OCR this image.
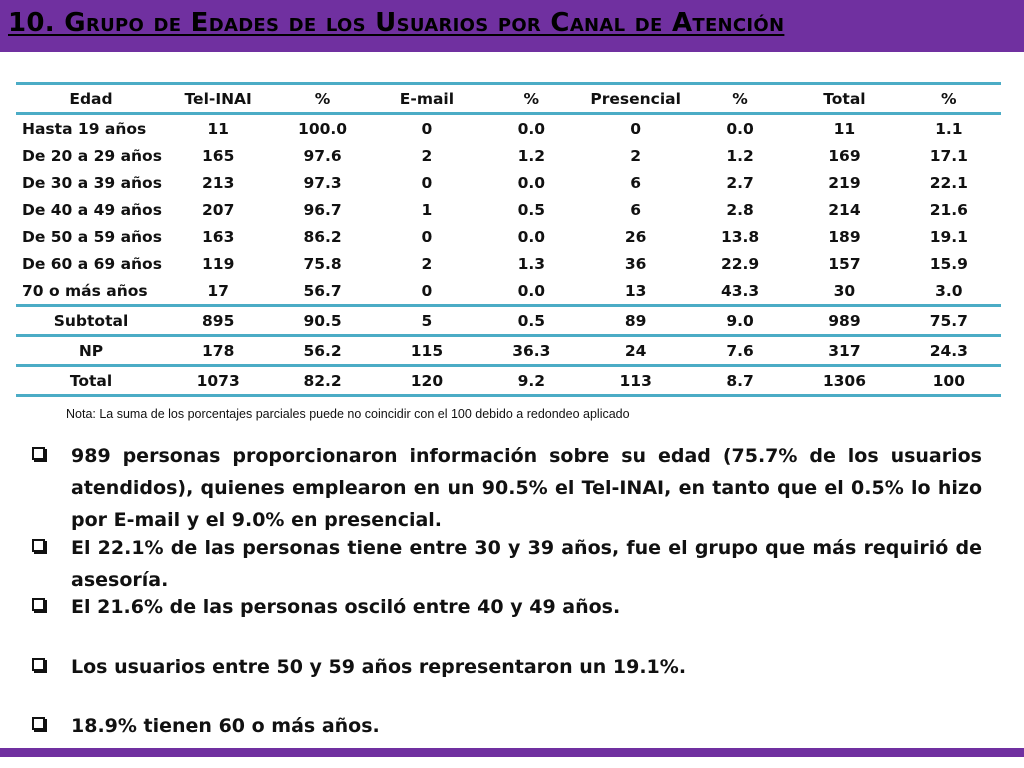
10. Grupo de Edades de los Usuarios por Canal de Atención
Edad	Tel-INAI	%	E-mail	%	Presencial	%	Total	%
Hasta 19 años	11	100.0	0	0.0	0	0.0	11	1.1
De 20 a 29 años	165	97.6	2	1.2	2	1.2	169	17.1
De 30 a 39 años	213	97.3	0	0.0	6	2.7	219	22.1
De 40 a 49 años	207	96.7	1	0.5	6	2.8	214	21.6
De 50 a 59 años	163	86.2	0	0.0	26	13.8	189	19.1
De 60 a 69 años	119	75.8	2	1.3	36	22.9	157	15.9
70 o más años	17	56.7	0	0.0	13	43.3	30	3.0
Subtotal	895	90.5	5	0.5	89	9.0	989	75.7
NP	178	56.2	115	36.3	24	7.6	317	24.3
Total	1073	82.2	120	9.2	113	8.7	1306	100
Nota: La suma de los porcentajes parciales puede no coincidir con el 100 debido a redondeo aplicado
989 personas proporcionaron información sobre su edad (75.7% de los usuarios atendidos), quienes emplearon en un 90.5% el Tel-INAI, en tanto que el 0.5% lo hizo por E-mail y el 9.0% en presencial.
El 22.1% de las personas tiene entre 30 y 39 años, fue el grupo que más requirió de asesoría.
El 21.6% de las personas osciló entre 40 y 49 años.
Los usuarios entre 50 y 59 años representaron un 19.1%.
18.9% tienen 60 o más años.
